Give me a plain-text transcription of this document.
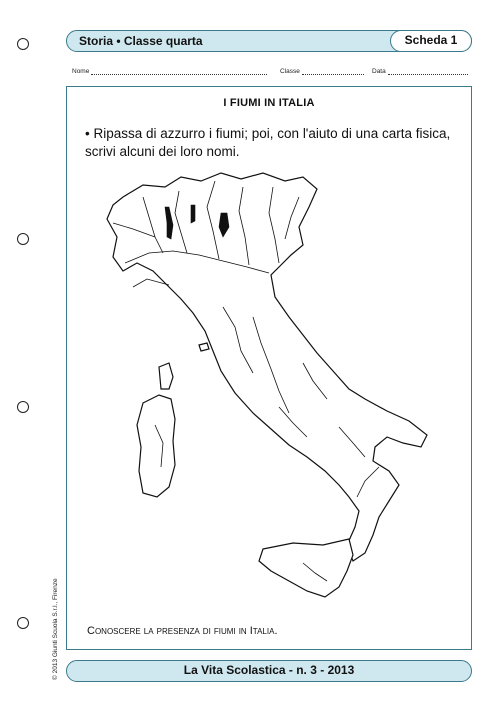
Storia • Classe quarta	Scheda 1
Nome	Classe	Data
I FIUMI IN ITALIA
• Ripassa di azzurro i fiumi; poi, con l'aiuto di una carta fisica, scrivi alcuni dei loro nomi.
Conoscere la presenza di fiumi in Italia.
La Vita Scolastica - n. 3 - 2013
© 2013 Giunti Scuola S.r.l., Firenze
